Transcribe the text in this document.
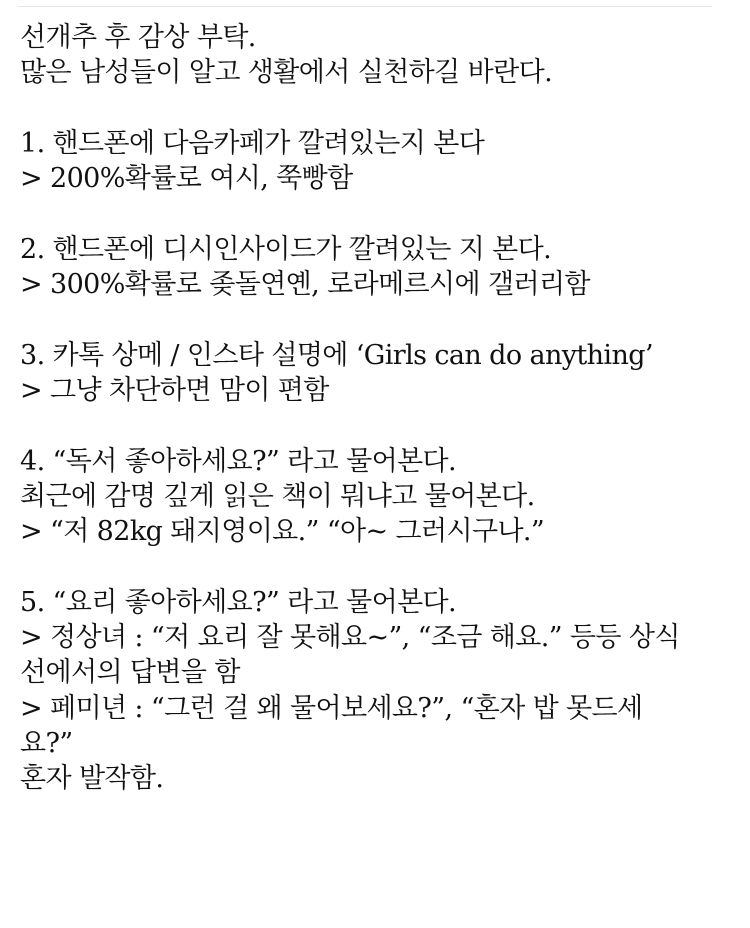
선개추 후 감상 부탁.
많은 남성들이 알고 생활에서 실천하길 바란다.
1. 핸드폰에 다음카페가 깔려있는지 본다
> 200%확률로 여시, 쭉빵함
2. 핸드폰에 디시인사이드가 깔려있는 지 본다.
> 300%확률로 좆돌연옌, 로라메르시에 갤러리함
3. 카톡 상메 / 인스타 설명에 ‘Girls can do anything’
> 그냥 차단하면 맘이 편함
4. “독서 좋아하세요?” 라고 물어본다.
최근에 감명 깊게 읽은 책이 뭐냐고 물어본다.
> “저 82kg 돼지영이요.” “아~ 그러시구나.”
5. “요리 좋아하세요?” 라고 물어본다.
> 정상녀 : “저 요리 잘 못해요~”, “조금 해요.” 등등 상식
선에서의 답변을 함
> 페미년 : “그런 걸 왜 물어보세요?”, “혼자 밥 못드세
요?”
혼자 발작함.
